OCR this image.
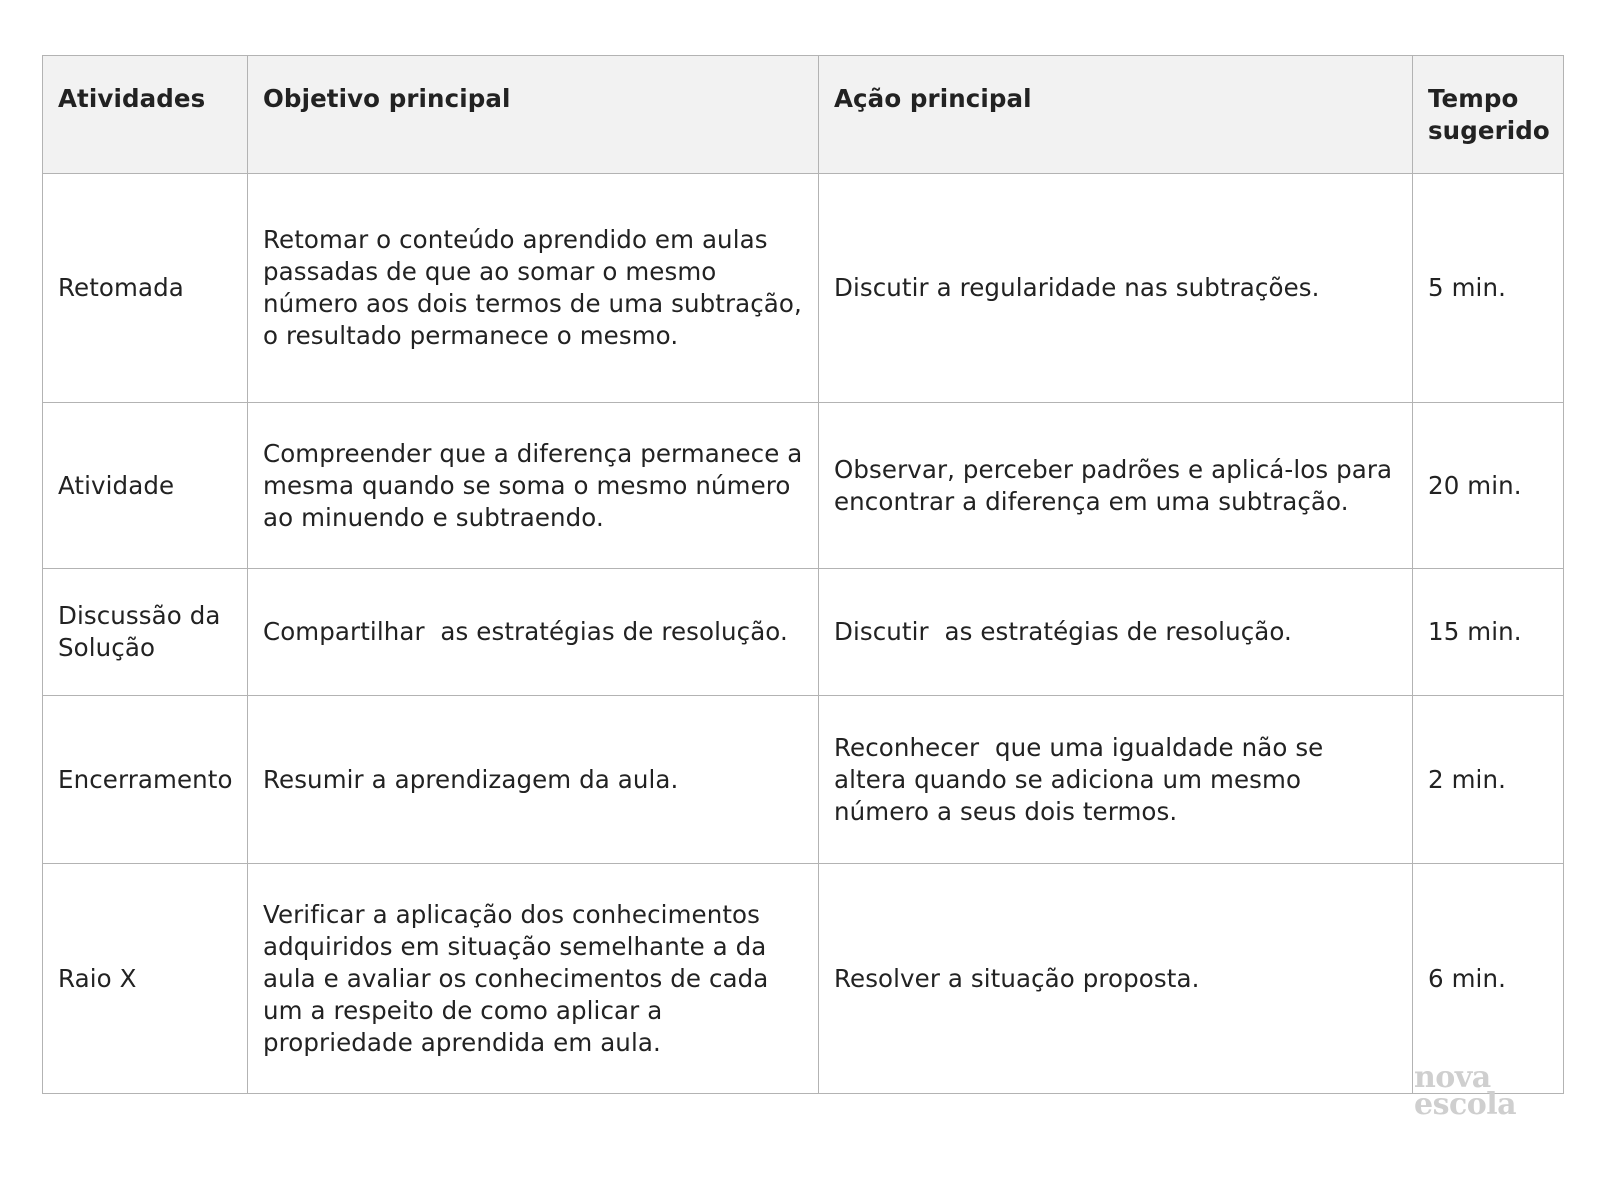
Atividades	Objetivo principal	Ação principal	Tempo sugerido
Retomada	Retomar o conteúdo aprendido em aulas passadas de que ao somar o mesmo número aos dois termos de uma subtração, o resultado permanece o mesmo.	Discutir a regularidade nas subtrações.	5 min.
Atividade	Compreender que a diferença permanece a mesma quando se soma o mesmo número ao minuendo e subtraendo.	Observar, perceber padrões e aplicá-los para encontrar a diferença em uma subtração.	20 min.
Discussão da Solução	Compartilhar  as estratégias de resolução.	Discutir  as estratégias de resolução.	15 min.
Encerramento	Resumir a aprendizagem da aula.	Reconhecer  que uma igualdade não se altera quando se adiciona um mesmo número a seus dois termos.	2 min.
Raio X	Verificar a aplicação dos conhecimentos adquiridos em situação semelhante a da aula e avaliar os conhecimentos de cada um a respeito de como aplicar a propriedade aprendida em aula.	Resolver a situação proposta.	6 min.
nova
escola
